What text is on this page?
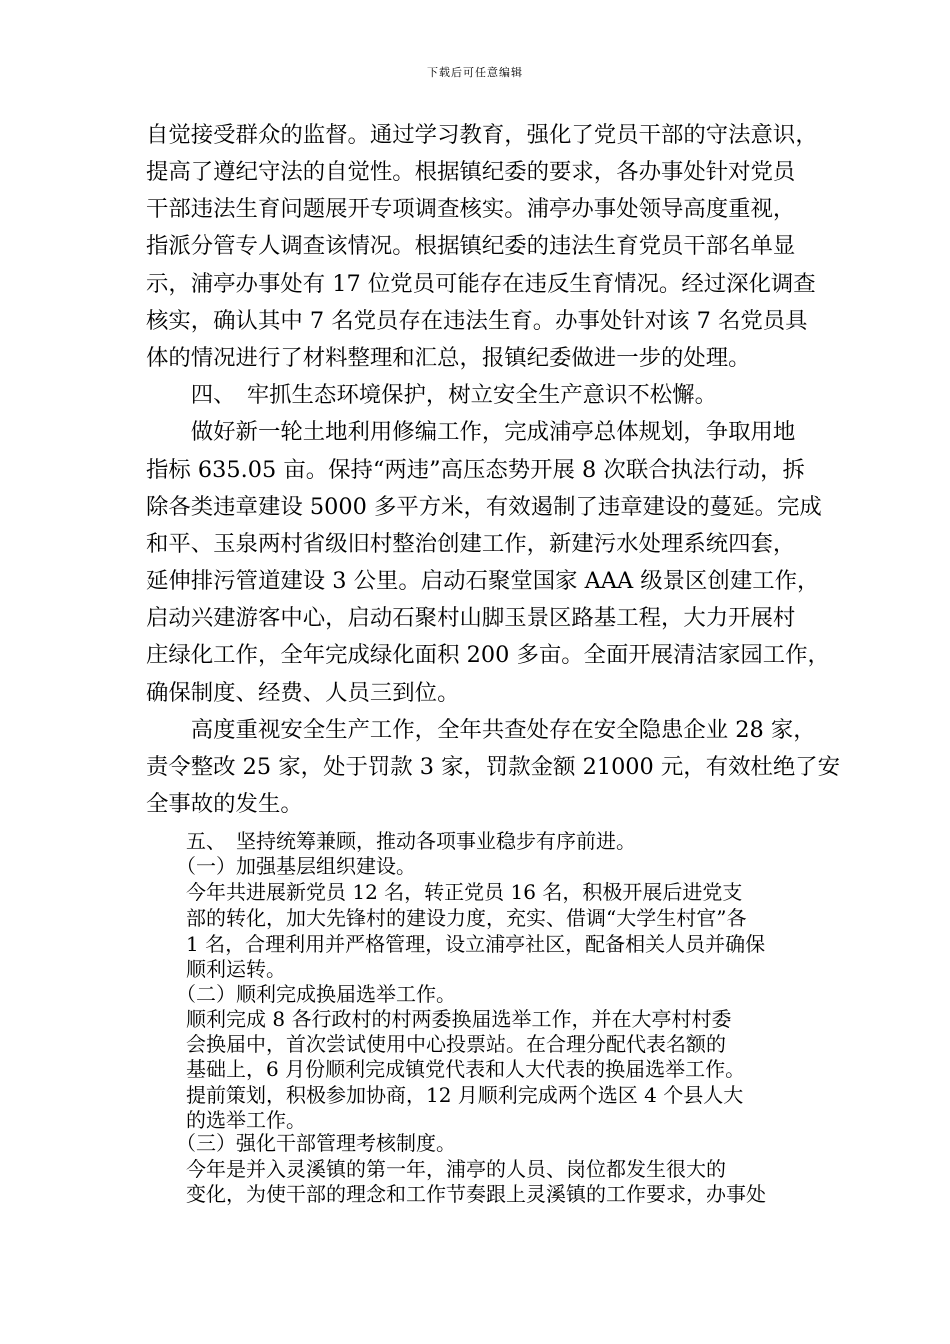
下载后可任意编辑
自觉接受群众的监督。通过学习教育，强化了党员干部的守法意识，
提高了遵纪守法的自觉性。根据镇纪委的要求，各办事处针对党员
干部违法生育问题展开专项调查核实。浦亭办事处领导高度重视，
指派分管专人调查该情况。根据镇纪委的违法生育党员干部名单显
示，浦亭办事处有 17 位党员可能存在违反生育情况。经过深化调查
核实，确认其中 7 名党员存在违法生育。办事处针对该 7 名党员具
体的情况进行了材料整理和汇总，报镇纪委做进一步的处理。
　　四、　牢抓生态环境保护，树立安全生产意识不松懈。
　　做好新一轮土地利用修编工作，完成浦亭总体规划，争取用地
指标 635.05 亩。保持“两违”高压态势开展 8 次联合执法行动，拆
除各类违章建设 5000 多平方米，有效遏制了违章建设的蔓延。完成
和平、玉泉两村省级旧村整治创建工作，新建污水处理系统四套，
延伸排污管道建设 3 公里。启动石聚堂国家 AAA 级景区创建工作，
启动兴建游客中心，启动石聚村山脚玉景区路基工程，大力开展村
庄绿化工作，全年完成绿化面积 200 多亩。全面开展清洁家园工作，
确保制度、经费、人员三到位。
　　高度重视安全生产工作，全年共查处存在安全隐患企业 28 家，
责令整改 25 家，处于罚款 3 家，罚款金额 21000 元，有效杜绝了安
全事故的发生。
　　五、　坚持统筹兼顾，推动各项事业稳步有序前进。
　　（一）加强基层组织建设。
　　今年共进展新党员 12 名，转正党员 16 名，积极开展后进党支
　　部的转化，加大先锋村的建设力度，充实、借调“大学生村官”各
　　1 名，合理利用并严格管理，设立浦亭社区，配备相关人员并确保
　　顺利运转。
　　（二）顺利完成换届选举工作。
　　顺利完成 8 各行政村的村两委换届选举工作，并在大亭村村委
　　会换届中，首次尝试使用中心投票站。在合理分配代表名额的
　　基础上，6 月份顺利完成镇党代表和人大代表的换届选举工作。
　　提前策划，积极参加协商，12 月顺利完成两个选区 4 个县人大
　　的选举工作。
　　（三）强化干部管理考核制度。
　　今年是并入灵溪镇的第一年，浦亭的人员、岗位都发生很大的
　　变化，为使干部的理念和工作节奏跟上灵溪镇的工作要求，办事处
